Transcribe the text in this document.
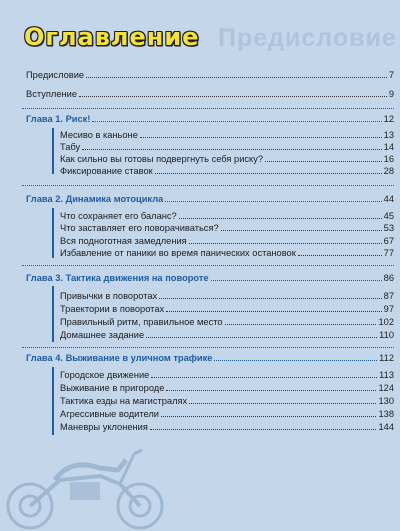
Предисловие
Оглавление
Предисловие	7
Вступление	9
Глава 1. Риск!	12
Месиво в каньоне	13
Табу	14
Как сильно вы готовы подвергнуть себя риску?	16
Фиксирование ставок	28
Глава 2. Динамика мотоцикла	44
Что сохраняет его баланс?	45
Что заставляет его поворачиваться?	53
Вся подноготная замедления	67
Избавление от паники во время панических остановок	77
Глава 3. Тактика движения на повороте	86
Привычки в поворотах	87
Траектории в поворотах	97
Правильный ритм, правильное место	102
Домашнее задание	110
Глава 4. Выживание в уличном трафике	112
Городское движение	113
Выживание в пригороде	124
Тактика езды на магистралях	130
Агрессивные водители	138
Маневры уклонения	144
